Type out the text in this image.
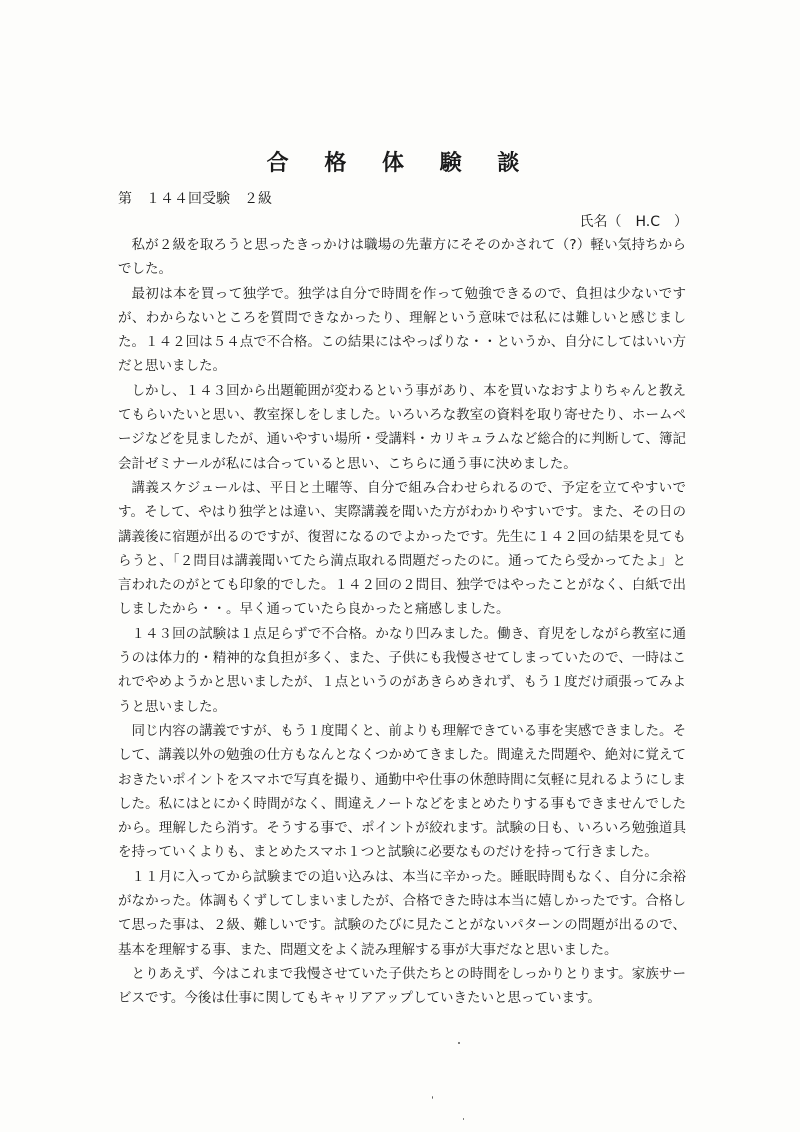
合 格 体 験 談
第　１４４回受験　２級
氏名（　H.C　）

私が２級を取ろうと思ったきっかけは職場の先輩方にそそのかされて（?）軽い気持ちからでした。

最初は本を買って独学で。独学は自分で時間を作って勉強できるので、負担は少ないですが、わからないところを質問できなかったり、理解という意味では私には難しいと感じました。１４２回は５４点で不合格。この結果にはやっぱりな・・というか、自分にしてはいい方だと思いました。

しかし、１４３回から出題範囲が変わるという事があり、本を買いなおすよりちゃんと教えてもらいたいと思い、教室探しをしました。いろいろな教室の資料を取り寄せたり、ホームページなどを見ましたが、通いやすい場所・受講料・カリキュラムなど総合的に判断して、簿記会計ゼミナールが私には合っていると思い、こちらに通う事に決めました。

講義スケジュールは、平日と土曜等、自分で組み合わせられるので、予定を立てやすいです。そして、やはり独学とは違い、実際講義を聞いた方がわかりやすいです。また、その日の講義後に宿題が出るのですが、復習になるのでよかったです。先生に１４２回の結果を見てもらうと、「２問目は講義聞いてたら満点取れる問題だったのに。通ってたら受かってたよ」と言われたのがとても印象的でした。１４２回の２問目、独学ではやったことがなく、白紙で出しましたから・・。早く通っていたら良かったと痛感しました。

１４３回の試験は１点足らずで不合格。かなり凹みました。働き、育児をしながら教室に通うのは体力的・精神的な負担が多く、また、子供にも我慢させてしまっていたので、一時はこれでやめようかと思いましたが、１点というのがあきらめきれず、もう１度だけ頑張ってみようと思いました。

同じ内容の講義ですが、もう１度聞くと、前よりも理解できている事を実感できました。そして、講義以外の勉強の仕方もなんとなくつかめてきました。間違えた問題や、絶対に覚えておきたいポイントをスマホで写真を撮り、通勤中や仕事の休憩時間に気軽に見れるようにしました。私にはとにかく時間がなく、間違えノートなどをまとめたりする事もできませんでしたから。理解したら消す。そうする事で、ポイントが絞れます。試験の日も、いろいろ勉強道具を持っていくよりも、まとめたスマホ１つと試験に必要なものだけを持って行きました。

１１月に入ってから試験までの追い込みは、本当に辛かった。睡眠時間もなく、自分に余裕がなかった。体調もくずしてしまいましたが、合格できた時は本当に嬉しかったです。合格して思った事は、２級、難しいです。試験のたびに見たことがないパターンの問題が出るので、基本を理解する事、また、問題文をよく読み理解する事が大事だなと思いました。

とりあえず、今はこれまで我慢させていた子供たちとの時間をしっかりとります。家族サービスです。今後は仕事に関してもキャリアアップしていきたいと思っています。
